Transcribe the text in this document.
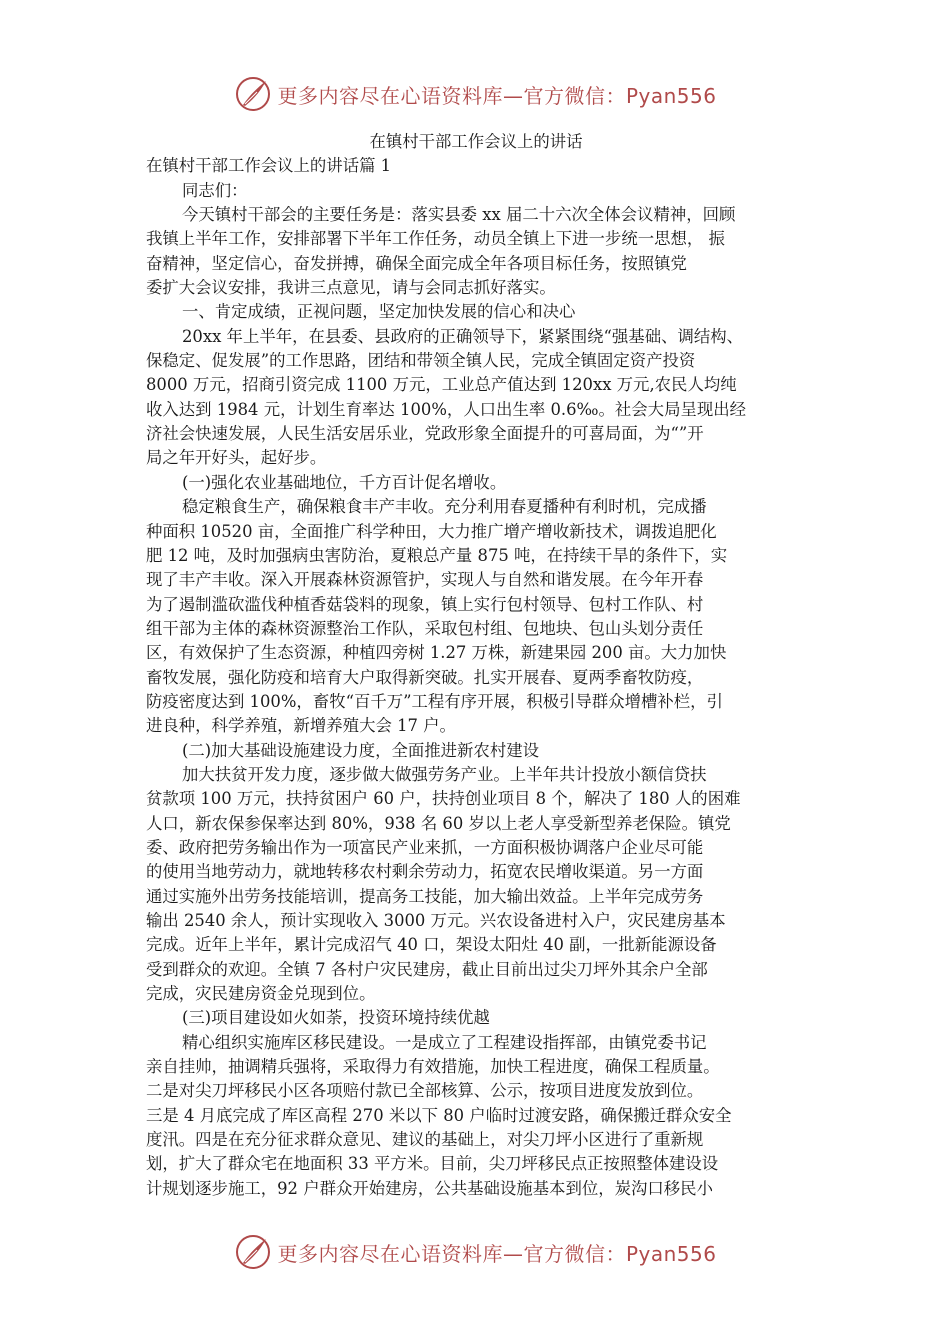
更多内容尽在心语资料库—官方微信：Pyan556

在镇村干部工作会议上的讲话

在镇村干部工作会议上的讲话篇 1

同志们：

今天镇村干部会的主要任务是：落实县委 xx 届二十六次全体会议精神，回顾

我镇上半年工作，安排部署下半年工作任务，动员全镇上下进一步统一思想， 振

奋精神，坚定信心，奋发拼搏，确保全面完成全年各项目标任务，按照镇党

委扩大会议安排，我讲三点意见，请与会同志抓好落实。

一、肯定成绩，正视问题，坚定加快发展的信心和决心

20xx 年上半年，在县委、县政府的正确领导下，紧紧围绕“强基础、调结构、

保稳定、促发展”的工作思路，团结和带领全镇人民，完成全镇固定资产投资

8000 万元，招商引资完成 1100 万元，工业总产值达到 120xx 万元,农民人均纯

收入达到 1984 元，计划生育率达 100%，人口出生率 0.6‰。社会大局呈现出经

济社会快速发展，人民生活安居乐业，党政形象全面提升的可喜局面，为“”开

局之年开好头，起好步。

(一)强化农业基础地位，千方百计促名增收。

稳定粮食生产，确保粮食丰产丰收。充分利用春夏播种有利时机，完成播

种面积 10520 亩，全面推广科学种田，大力推广增产增收新技术，调拨追肥化

肥 12 吨，及时加强病虫害防治，夏粮总产量 875 吨，在持续干旱的条件下，实

现了丰产丰收。深入开展森林资源管护，实现人与自然和谐发展。在今年开春

为了遏制滥砍滥伐种植香菇袋料的现象，镇上实行包村领导、包村工作队、村

组干部为主体的森林资源整治工作队，采取包村组、包地块、包山头划分责任

区，有效保护了生态资源，种植四旁树 1.27 万株，新建果园 200 亩。大力加快

畜牧发展，强化防疫和培育大户取得新突破。扎实开展春、夏两季畜牧防疫，

防疫密度达到 100%，畜牧“百千万”工程有序开展，积极引导群众增槽补栏，引

进良种，科学养殖，新增养殖大会 17 户。

(二)加大基础设施建设力度，全面推进新农村建设

加大扶贫开发力度，逐步做大做强劳务产业。上半年共计投放小额信贷扶

贫款项 100 万元，扶持贫困户 60 户，扶持创业项目 8 个，解决了 180 人的困难

人口，新农保参保率达到 80%，938 名 60 岁以上老人享受新型养老保险。镇党

委、政府把劳务输出作为一项富民产业来抓，一方面积极协调落户企业尽可能

的使用当地劳动力，就地转移农村剩余劳动力，拓宽农民增收渠道。另一方面

通过实施外出劳务技能培训，提高务工技能，加大输出效益。上半年完成劳务

输出 2540 余人，预计实现收入 3000 万元。兴农设备进村入户，灾民建房基本

完成。近年上半年，累计完成沼气 40 口，架设太阳灶 40 副，一批新能源设备

受到群众的欢迎。全镇 7 各村户灾民建房，截止目前出过尖刀坪外其余户全部

完成，灾民建房资金兑现到位。

(三)项目建设如火如荼，投资环境持续优越

精心组织实施库区移民建设。一是成立了工程建设指挥部，由镇党委书记

亲自挂帅，抽调精兵强将，采取得力有效措施，加快工程进度，确保工程质量。

二是对尖刀坪移民小区各项赔付款已全部核算、公示，按项目进度发放到位。

三是 4 月底完成了库区高程 270 米以下 80 户临时过渡安路，确保搬迁群众安全

度汛。四是在充分征求群众意见、建议的基础上，对尖刀坪小区进行了重新规

划，扩大了群众宅在地面积 33 平方米。目前，尖刀坪移民点正按照整体建设设

计规划逐步施工，92 户群众开始建房，公共基础设施基本到位，炭沟口移民小

更多内容尽在心语资料库—官方微信：Pyan556
